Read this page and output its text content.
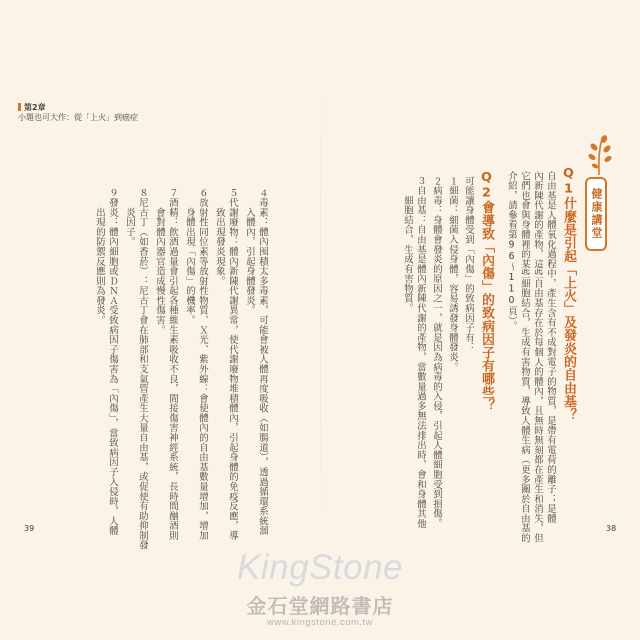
第2章
小題也可大作：從「上火」到癌症
健康講堂
Q1什麼是引起「上火」及發炎的自由基？
自由基是人體氧化過程中，產生含有不成對電子的物質，是帶有電荷的離子；是體
內新陳代謝的產物，這些自由基存在於每個人的體內，且無時無刻都在產生和消失，但
它們也會與身體裡的某些細胞結合，生成有害物質，導致人體生病（更多關於自由基的
介紹，請參看第96～110頁）。
Q2會導致「內傷」的致病因子有哪些？
可能讓身體受到「內傷」的致病因子有：
１細菌：細菌入侵身體，容易誘發身體發炎。
２病毒：身體會發炎的原因之一，就是因為病毒的入侵，引起人體細胞受到損傷。
３自由基：自由基是體內新陳代謝的產物，當數量過多無法排出時，會和身體其他
　　細胞結合，生成有害物質。
38
４毒素：體內囤積太多毒素，可能會被人體再度吸收（如腸道），透過循環系統溜
　　入體內，引起身體發炎。
５代謝廢物：體內新陳代謝異常，使代謝廢物堆積體內，引起身體的免疫反應，導
　　致出現發炎現象。
６放射性同位素等放射性物質、Ｘ光、紫外線：會使體內的自由基數量增加，增加
　　身體出現「內傷」的機率。
７酒精：飲酒過量會引起各種維生素吸收不良，間接傷害神經系統，長時間酗酒則
　　會對體內器官造成慢性傷害。
８尼古丁（如香菸）：尼古丁會在肺部和支氣管產生大量自由基，或促使有助抑制發
　　炎因子。
９發炎：體內細胞或ＤＮＡ受致病因子傷害為「內傷」，當致病因子入侵時，人體
　　出現的防禦反應則為發炎。
39
KingStone
金石堂網路書店
www.kingstone.com.tw
